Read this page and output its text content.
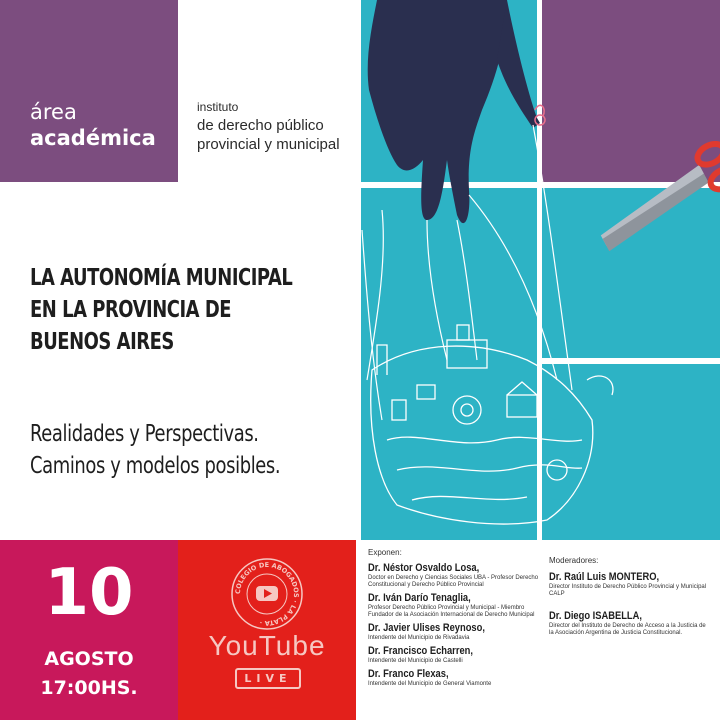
área
académica
instituto
de derecho público
provincial y municipal
LA AUTONOMÍA MUNICIPAL
EN LA PROVINCIA DE
BUENOS AIRES
Realidades y Perspectivas.
Caminos y modelos posibles.
10
AGOSTO
17:00HS.
COLEGIO DE ABOGADOS · LA PLATA ·
YouTube
LIVE
Exponen:
Dr. Néstor Osvaldo Losa,
Doctor en Derecho y Ciencias Sociales UBA - Profesor Derecho
Constitucional y Derecho Público Provincial
Dr. Iván Darío Tenaglia,
Profesor Derecho Público Provincial y Municipal - Miembro
Fundador de la Asociación Internacional de Derecho Municipal
Dr. Javier Ulises Reynoso,
Intendente del Municipio de Rivadavia
Dr. Francisco Echarren,
Intendente del Municipio de Castelli
Dr. Franco Flexas,
Intendente del Municipio de General Viamonte
Moderadores:
Dr. Raúl Luis MONTERO,
Director Instituto de Derecho Público Provincial y Municipal
CALP
Dr. Diego ISABELLA,
Director del Instituto de Derecho de Acceso a la Justicia de
la Asociación Argentina de Justicia Constitucional.
